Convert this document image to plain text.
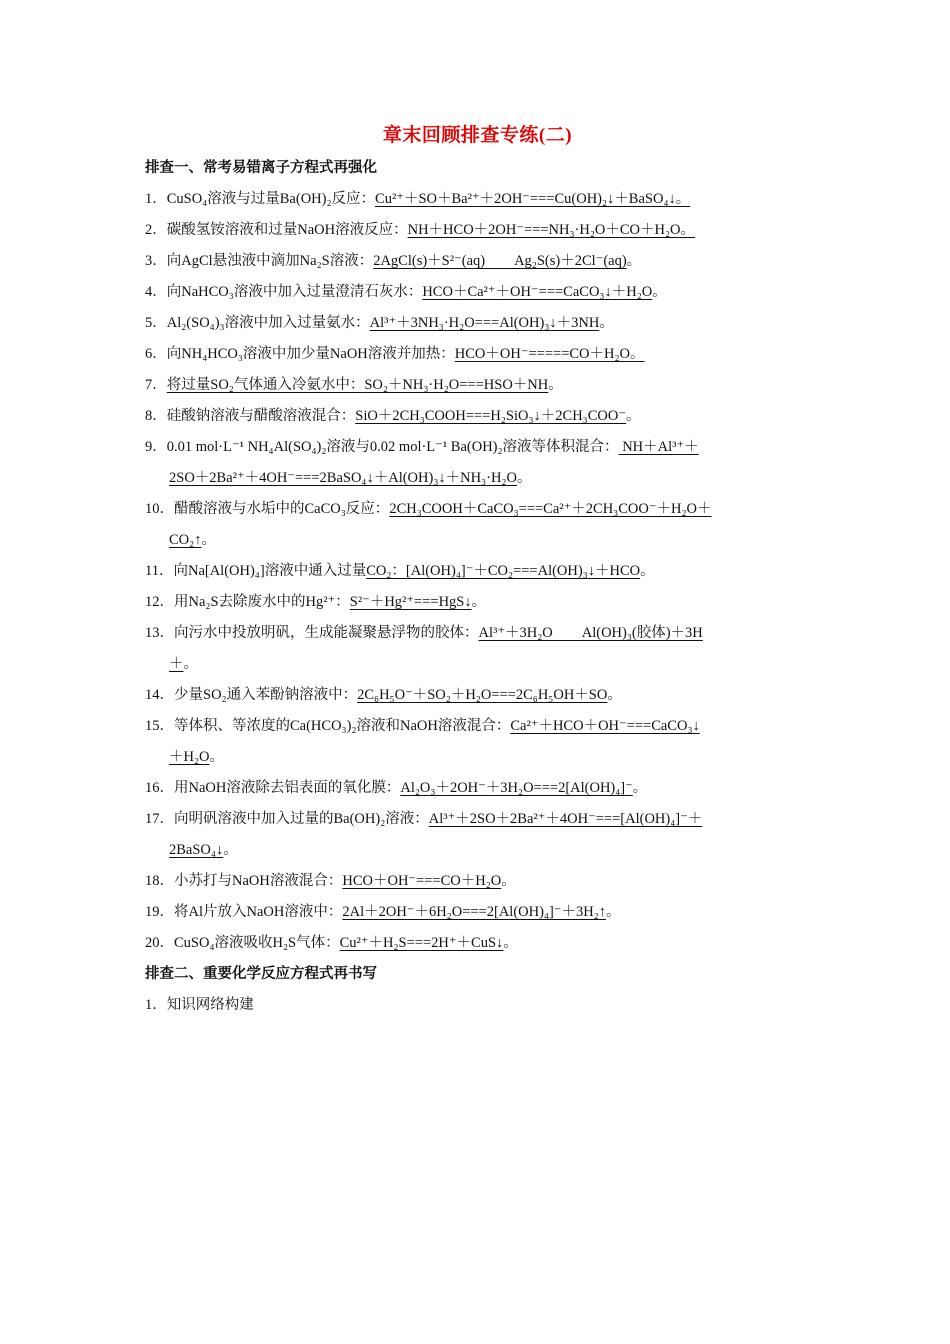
章末回顾排查专练(二)

排查一、常考易错离子方程式再强化

1．CuSO₄溶液与过量Ba(OH)₂反应：Cu²⁺＋SO＋Ba²⁺＋2OH⁻===Cu(OH)₂↓＋BaSO₄↓。

2．碳酸氢铵溶液和过量NaOH溶液反应：NH＋HCO＋2OH⁻===NH₃·H₂O＋CO＋H₂O。

3．向AgCl悬浊液中滴加Na₂S溶液：2AgCl(s)＋S²⁻(aq)　　Ag₂S(s)＋2Cl⁻(aq)。

4．向NaHCO₃溶液中加入过量澄清石灰水：HCO＋Ca²⁺＋OH⁻===CaCO₃↓＋H₂O。

5．Al₂(SO₄)₃溶液中加入过量氨水：Al³⁺＋3NH₃·H₂O===Al(OH)₃↓＋3NH。

6．向NH₄HCO₃溶液中加少量NaOH溶液并加热：HCO＋OH⁻=====CO＋H₂O。

7．将过量SO₂气体通入冷氨水中：SO₂＋NH₃·H₂O===HSO＋NH。

8．硅酸钠溶液与醋酸溶液混合：SiO＋2CH₃COOH===H₂SiO₃↓＋2CH₃COO⁻。

9．0.01 mol·L⁻¹ NH₄Al(SO₄)₂溶液与0.02 mol·L⁻¹ Ba(OH)₂溶液等体积混合： NH＋Al³⁺＋
2SO＋2Ba²⁺＋4OH⁻===2BaSO₄↓＋Al(OH)₃↓＋NH₃·H₂O。

10．醋酸溶液与水垢中的CaCO₃反应：2CH₃COOH＋CaCO₃===Ca²⁺＋2CH₃COO⁻＋H₂O＋
CO₂↑。

11．向Na[Al(OH)₄]溶液中通入过量CO₂：[Al(OH)₄]⁻＋CO₂===Al(OH)₃↓＋HCO。

12．用Na₂S去除废水中的Hg²⁺：S²⁻＋Hg²⁺===HgS↓。

13．向污水中投放明矾，生成能凝聚悬浮物的胶体：Al³⁺＋3H₂O　　Al(OH)₃(胶体)＋3H
＋。

14．少量SO₂通入苯酚钠溶液中：2C₆H₅O⁻＋SO₂＋H₂O===2C₆H₅OH＋SO。

15．等体积、等浓度的Ca(HCO₃)₂溶液和NaOH溶液混合：Ca²⁺＋HCO＋OH⁻===CaCO₃↓
＋H₂O。

16．用NaOH溶液除去铝表面的氧化膜：Al₂O₃＋2OH⁻＋3H₂O===2[Al(OH)₄]⁻。

17．向明矾溶液中加入过量的Ba(OH)₂溶液：Al³⁺＋2SO＋2Ba²⁺＋4OH⁻===[Al(OH)₄]⁻＋
2BaSO₄↓。

18．小苏打与NaOH溶液混合：HCO＋OH⁻===CO＋H₂O。

19．将Al片放入NaOH溶液中：2Al＋2OH⁻＋6H₂O===2[Al(OH)₄]⁻＋3H₂↑。

20．CuSO₄溶液吸收H₂S气体：Cu²⁺＋H₂S===2H⁺＋CuS↓。

排查二、重要化学反应方程式再书写

1．知识网络构建
